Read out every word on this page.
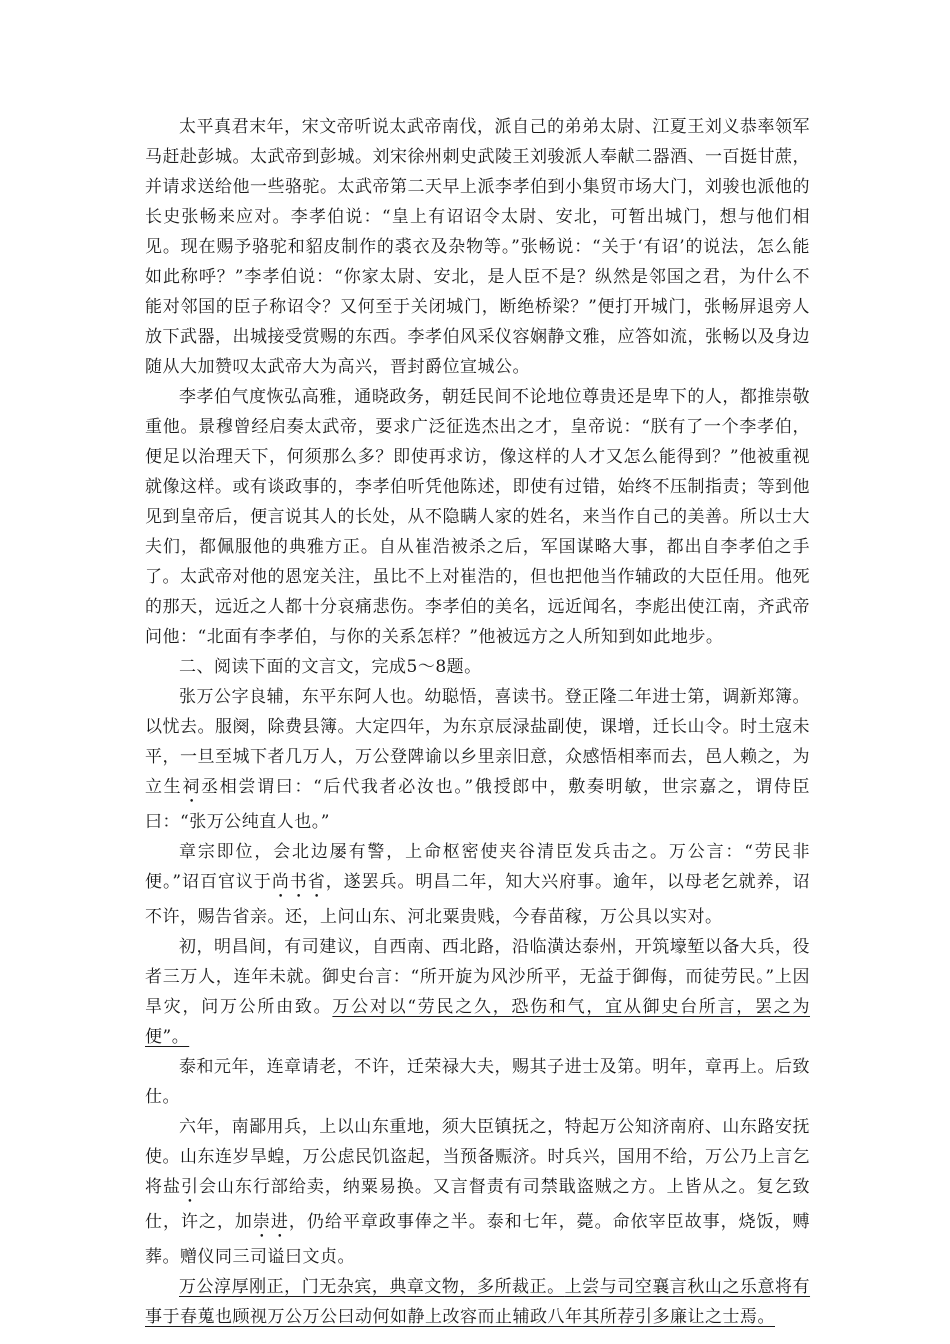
太平真君末年，宋文帝听说太武帝南伐，派自己的弟弟太尉、江夏王刘义恭率领军马赶赴彭城。太武帝到彭城。刘宋徐州刺史武陵王刘骏派人奉献二器酒、一百挺甘蔗，并请求送给他一些骆驼。太武帝第二天早上派李孝伯到小集贸市场大门，刘骏也派他的长史张畅来应对。李孝伯说：“皇上有诏诏令太尉、安北，可暂出城门，想与他们相见。现在赐予骆驼和貂皮制作的裘衣及杂物等。”张畅说：“关于‘有诏’的说法，怎么能如此称呼？”李孝伯说：“你家太尉、安北，是人臣不是？纵然是邻国之君，为什么不能对邻国的臣子称诏令？又何至于关闭城门，断绝桥梁？”便打开城门，张畅屏退旁人放下武器，出城接受赏赐的东西。李孝伯风采仪容娴静文雅，应答如流，张畅以及身边随从大加赞叹太武帝大为高兴，晋封爵位宣城公。

李孝伯气度恢弘高雅，通晓政务，朝廷民间不论地位尊贵还是卑下的人，都推崇敬重他。景穆曾经启奏太武帝，要求广泛征选杰出之才，皇帝说：“朕有了一个李孝伯，便足以治理天下，何须那么多？即使再求访，像这样的人才又怎么能得到？”他被重视就像这样。或有谈政事的，李孝伯听凭他陈述，即使有过错，始终不压制指责；等到他见到皇帝后，便言说其人的长处，从不隐瞒人家的姓名，来当作自己的美善。所以士大夫们，都佩服他的典雅方正。自从崔浩被杀之后，军国谋略大事，都出自李孝伯之手了。太武帝对他的恩宠关注，虽比不上对崔浩的，但也把他当作辅政的大臣任用。他死的那天，远近之人都十分哀痛悲伤。李孝伯的美名，远近闻名，李彪出使江南，齐武帝问他：“北面有李孝伯，与你的关系怎样？”他被远方之人所知到如此地步。

二、阅读下面的文言文，完成5～8题。

张万公字良辅，东平东阿人也。幼聪悟，喜读书。登正隆二年进士第，调新郑簿。以忧去。服阕，除费县簿。大定四年，为东京辰渌盐副使，课增，迁长山令。时土寇未平，一旦至城下者几万人，万公登陴谕以乡里亲旧意，众感悟相率而去，邑人赖之，为立生祠丞相尝谓曰：“后代我者必汝也。”俄授郎中，敷奏明敏，世宗嘉之，谓侍臣曰：“张万公纯直人也。”

章宗即位，会北边屡有警，上命枢密使夹谷清臣发兵击之。万公言：“劳民非便。”诏百官议于尚书省，遂罢兵。明昌二年，知大兴府事。逾年，以母老乞就养，诏不许，赐告省亲。还，上问山东、河北粟贵贱，今春苗稼，万公具以实对。

初，明昌间，有司建议，自西南、西北路，沿临潢达泰州，开筑壕堑以备大兵，役者三万人，连年未就。御史台言：“所开旋为风沙所平，无益于御侮，而徒劳民。”上因旱灾，问万公所由致。万公对以“劳民之久，恐伤和气，宜从御史台所言，罢之为便”。

泰和元年，连章请老，不许，迁荣禄大夫，赐其子进士及第。明年，章再上。后致仕。

六年，南鄙用兵，上以山东重地，须大臣镇抚之，特起万公知济南府、山东路安抚使。山东连岁旱蝗，万公虑民饥盗起，当预备赈济。时兵兴，国用不给，万公乃上言乞将盐引会山东行部给卖，纳粟易换。又言督责有司禁戢盗贼之方。上皆从之。复乞致仕，许之，加崇进，仍给平章政事俸之半。泰和七年，薨。命依宰臣故事，烧饭，赙葬。赠仪同三司谥曰文贞。

万公淳厚刚正，门无杂宾，典章文物，多所裁正。上尝与司空襄言秋山之乐意将有事于春蒐也顾视万公万公曰动何如静上改容而止辅政八年其所荐引多廉让之士焉。
